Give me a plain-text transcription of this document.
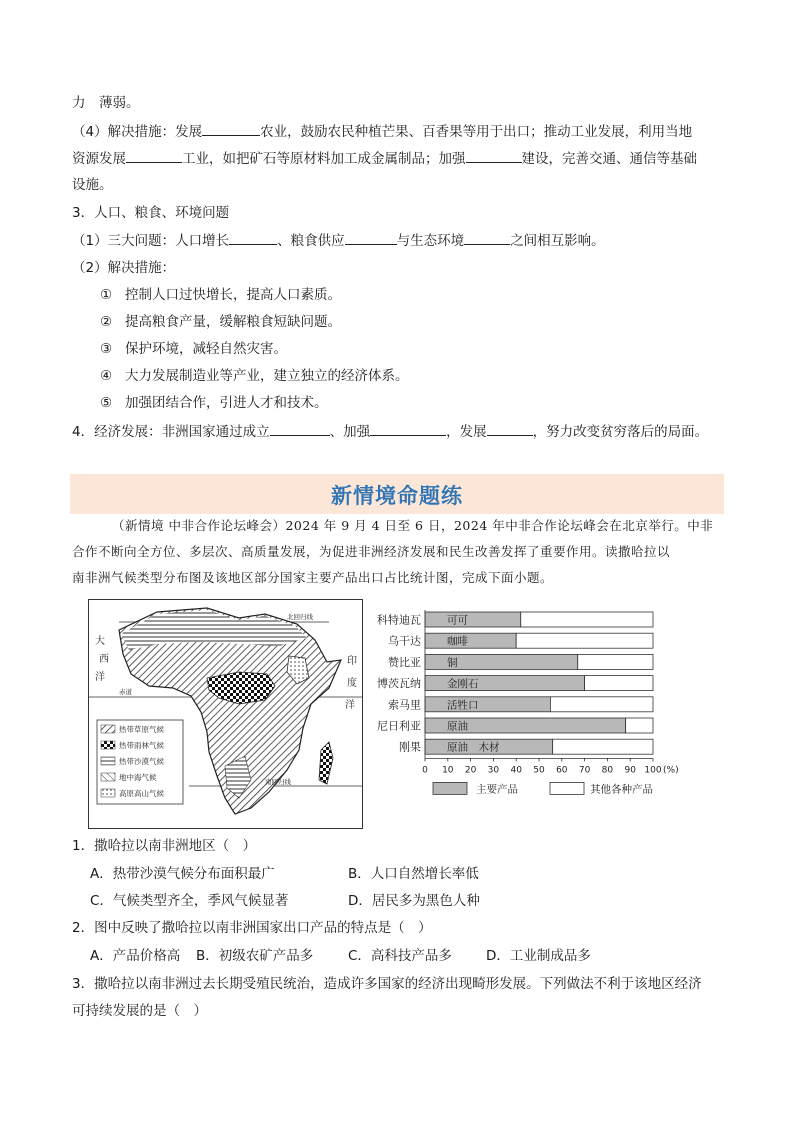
力　薄弱。
（4）解决措施：发展	农业，鼓励农民种植芒果、百香果等用于出口；推动工业发展，利用当地
资源发展	工业，如把矿石等原材料加工成金属制品；加强	建设，完善交通、通信等基础
设施。
3．人口、粮食、环境问题
（1）三大问题：人口增长	、粮食供应	与生态环境	之间相互影响。
（2）解决措施：
① 控制人口过快增长，提高人口素质。
② 提高粮食产量，缓解粮食短缺问题。
③ 保护环境，减轻自然灾害。
④ 大力发展制造业等产业，建立独立的经济体系。
⑤ 加强团结合作，引进人才和技术。
4．经济发展：非洲国家通过成立	、加强	，发展	，努力改变贫穷落后的局面。
新情境命题练
（新情境 中非合作论坛峰会）2024 年 9 月 4 日至 6 日，2024 年中非合作论坛峰会在北京举行。中非
合作不断向全方位、多层次、高质量发展，为促进非洲经济发展和民生改善发挥了重要作用。读撒哈拉以
南非洲气候类型分布图及该地区部分国家主要产品出口占比统计图，完成下面小题。
北回归线
赤道
南回归线
大
西
洋
印
度
洋
热带草原气候
热带雨林气候
热带沙漠气候
地中海气候
高原高山气候
科特迪瓦 可可
乌干达 咖啡
赞比亚 铜
博茨瓦纳 金刚石
索马里 活牲口
尼日利亚 原油
刚果 原油　木材
0 10 20 30 40 50 60 70 80 90 100 (%)
主要产品	其他各种产品
1．撒哈拉以南非洲地区（　）
A．热带沙漠气候分布面积最广	B．人口自然增长率低
C．气候类型齐全，季风气候显著	D．居民多为黑色人种
2．图中反映了撒哈拉以南非洲国家出口产品的特点是（　）
A．产品价格高 B．初级农矿产品多	C．高科技产品多	D．工业制成品多
3．撒哈拉以南非洲过去长期受殖民统治，造成许多国家的经济出现畸形发展。下列做法不利于该地区经济
可持续发展的是（　）
